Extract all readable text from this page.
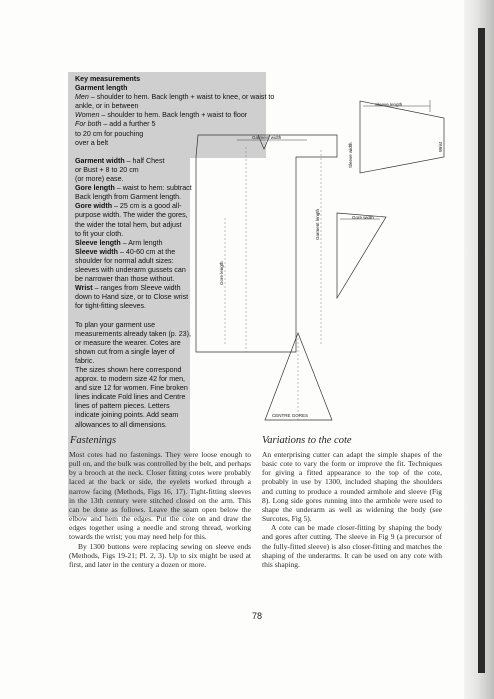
Key measurements
Garment length
Men – shoulder to hem. Back length + waist to knee, or waist to
ankle, or in between
Women – shoulder to hem. Back length + waist to floor
For both – add a further 5
to 20 cm for pouching
over a belt

Garment width – half Chest
or Bust + 8 to 20 cm
(or more) ease.
Gore length – waist to hem: subtract
Back length from Garment length.
Gore width – 25 cm is a good all-
purpose width. The wider the gores,
the wider the total hem, but adjust
to fit your cloth.
Sleeve length – Arm length
Sleeve width – 40-60 cm at the
shoulder for normal adult sizes:
sleeves with underarm gussets can
be narrower than those without.
Wrist – ranges from Sleeve width
down to Hand size, or to Close wrist
for tight-fitting sleeves.

To plan your garment use
measurements already taken (p. 23),
or measure the wearer. Cotes are
shown cut from a single layer of
fabric.
The sizes shown here correspond
approx. to modern size 42 for men,
and size 12 for women. Fine broken
lines indicate Fold lines and Centre
lines of pattern pieces. Letters
indicate joining points. Add seam
allowances to all dimensions.
Garment width
Sleeve length
Sleeve width	Wrist
Garment length
Gore length
Gore width
CENTRE GORES
Fastenings

Most cotes had no fastenings. They were loose enough to pull on, and the bulk was controlled by the belt, and perhaps by a brooch at the neck. Closer fitting cotes were probably laced at the back or side, the eyelets worked through a narrow facing (Methods, Figs 16, 17). Tight-fitting sleeves in the 13th century were stitched closed on the arm. This can be done as follows. Leave the seam open below the elbow and hem the edges. Put the cote on and draw the edges together using a needle and strong thread, working towards the wrist; you may need help for this.

By 1300 buttons were replacing sewing on sleeve ends (Methods, Figs 19-21; Pl. 2, 3). Up to six might be used at first, and later in the century a dozen or more.

Variations to the cote

An enterprising cutter can adapt the simple shapes of the basic cote to vary the form or improve the fit. Techniques for giving a fitted appearance to the top of the cote, probably in use by 1300, included shaping the shoulders and cutting to produce a rounded armhole and sleeve (Fig 8). Long side gores running into the armhole were used to shape the underarm as well as widening the body (see Surcotes, Fig 5).

A cote can be made closer-fitting by shaping the body and gores after cutting. The sleeve in Fig 9 (a precursor of the fully-fitted sleeve) is also closer-fitting and matches the shaping of the underarms. It can be used on any cote with this shaping.

78
